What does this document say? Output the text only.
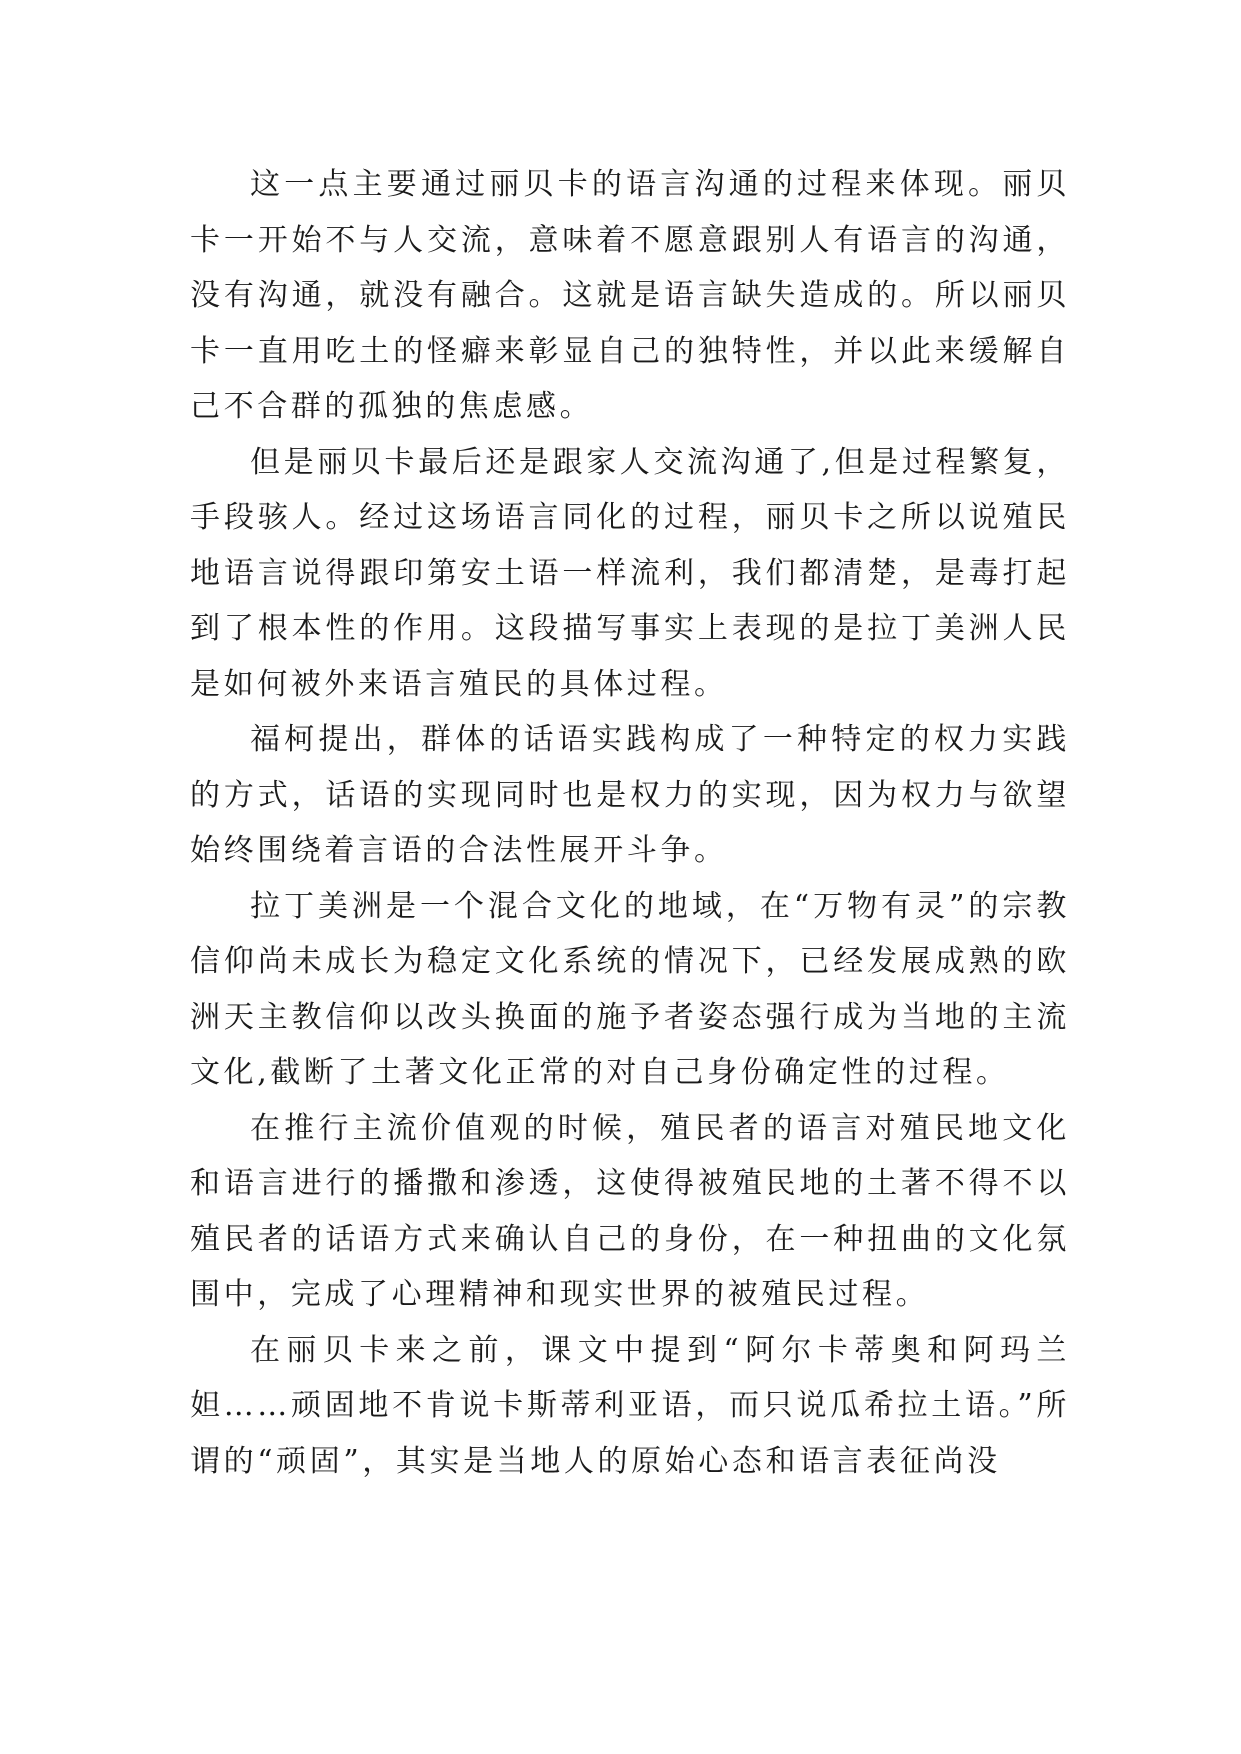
这一点主要通过丽贝卡的语言沟通的过程来体现。丽贝卡一开始不与人交流，意味着不愿意跟别人有语言的沟通，没有沟通，就没有融合。这就是语言缺失造成的。所以丽贝卡一直用吃土的怪癖来彰显自己的独特性，并以此来缓解自己不合群的孤独的焦虑感。

但是丽贝卡最后还是跟家人交流沟通了,但是过程繁复，手段骇人。经过这场语言同化的过程，丽贝卡之所以说殖民地语言说得跟印第安土语一样流利，我们都清楚，是毒打起到了根本性的作用。这段描写事实上表现的是拉丁美洲人民是如何被外来语言殖民的具体过程。

福柯提出，群体的话语实践构成了一种特定的权力实践的方式，话语的实现同时也是权力的实现，因为权力与欲望始终围绕着言语的合法性展开斗争。

拉丁美洲是一个混合文化的地域，在“万物有灵”的宗教信仰尚未成长为稳定文化系统的情况下，已经发展成熟的欧洲天主教信仰以改头换面的施予者姿态强行成为当地的主流文化,截断了土著文化正常的对自己身份确定性的过程。

在推行主流价值观的时候，殖民者的语言对殖民地文化和语言进行的播撒和渗透，这使得被殖民地的土著不得不以殖民者的话语方式来确认自己的身份，在一种扭曲的文化氛围中，完成了心理精神和现实世界的被殖民过程。

在丽贝卡来之前，课文中提到“阿尔卡蒂奥和阿玛兰妲……顽固地不肯说卡斯蒂利亚语，而只说瓜希拉土语。”所谓的“顽固”，其实是当地人的原始心态和语言表征尚没
